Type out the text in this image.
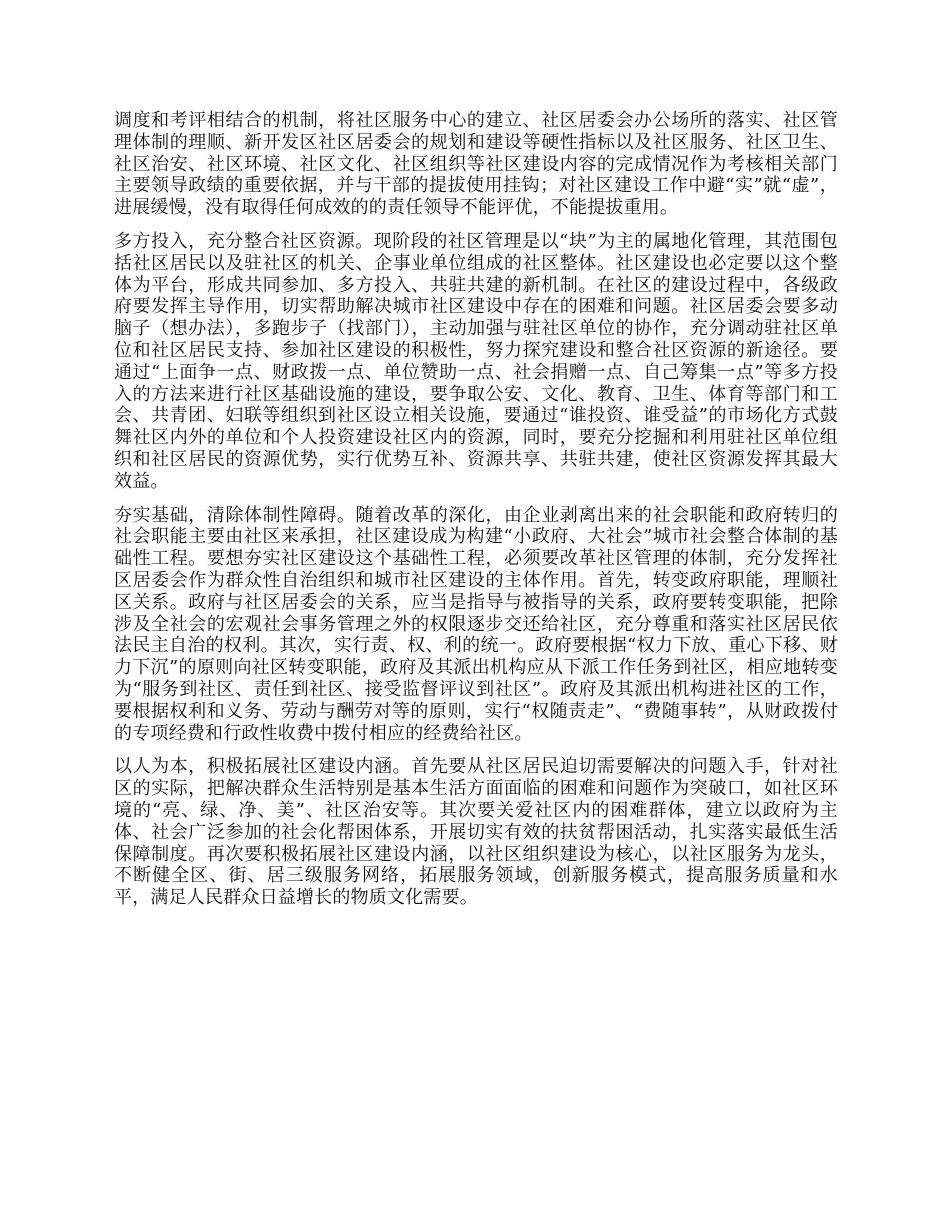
调度和考评相结合的机制，将社区服务中心的建立、社区居委会办公场所的落实、社区管理体制的理顺、新开发区社区居委会的规划和建设等硬性指标以及社区服务、社区卫生、社区治安、社区环境、社区文化、社区组织等社区建设内容的完成情况作为考核相关部门主要领导政绩的重要依据，并与干部的提拔使用挂钩；对社区建设工作中避“实”就“虚”，进展缓慢，没有取得任何成效的的责任领导不能评优，不能提拔重用。

多方投入，充分整合社区资源。现阶段的社区管理是以“块”为主的属地化管理，其范围包括社区居民以及驻社区的机关、企事业单位组成的社区整体。社区建设也必定要以这个整体为平台，形成共同参加、多方投入、共驻共建的新机制。在社区的建设过程中，各级政府要发挥主导作用，切实帮助解决城市社区建设中存在的困难和问题。社区居委会要多动脑子（想办法），多跑步子（找部门），主动加强与驻社区单位的协作，充分调动驻社区单位和社区居民支持、参加社区建设的积极性，努力探究建设和整合社区资源的新途径。要通过“上面争一点、财政拨一点、单位赞助一点、社会捐赠一点、自己筹集一点”等多方投入的方法来进行社区基础设施的建设，要争取公安、文化、教育、卫生、体育等部门和工会、共青团、妇联等组织到社区设立相关设施，要通过“谁投资、谁受益”的市场化方式鼓舞社区内外的单位和个人投资建设社区内的资源，同时，要充分挖掘和利用驻社区单位组织和社区居民的资源优势，实行优势互补、资源共享、共驻共建，使社区资源发挥其最大效益。

夯实基础，清除体制性障碍。随着改革的深化，由企业剥离出来的社会职能和政府转归的社会职能主要由社区来承担，社区建设成为构建“小政府、大社会”城市社会整合体制的基础性工程。要想夯实社区建设这个基础性工程，必须要改革社区管理的体制，充分发挥社区居委会作为群众性自治组织和城市社区建设的主体作用。首先，转变政府职能，理顺社区关系。政府与社区居委会的关系，应当是指导与被指导的关系，政府要转变职能，把除涉及全社会的宏观社会事务管理之外的权限逐步交还给社区，充分尊重和落实社区居民依法民主自治的权利。其次，实行责、权、利的统一。政府要根据“权力下放、重心下移、财力下沉”的原则向社区转变职能，政府及其派出机构应从下派工作任务到社区，相应地转变为“服务到社区、责任到社区、接受监督评议到社区”。政府及其派出机构进社区的工作，要根据权利和义务、劳动与酬劳对等的原则，实行“权随责走”、“费随事转”，从财政拨付的专项经费和行政性收费中拨付相应的经费给社区。

以人为本，积极拓展社区建设内涵。首先要从社区居民迫切需要解决的问题入手，针对社区的实际，把解决群众生活特别是基本生活方面面临的困难和问题作为突破口，如社区环境的“亮、绿、净、美”、社区治安等。其次要关爱社区内的困难群体，建立以政府为主体、社会广泛参加的社会化帮困体系，开展切实有效的扶贫帮困活动，扎实落实最低生活保障制度。再次要积极拓展社区建设内涵，以社区组织建设为核心，以社区服务为龙头，不断健全区、街、居三级服务网络，拓展服务领域，创新服务模式，提高服务质量和水平，满足人民群众日益增长的物质文化需要。
